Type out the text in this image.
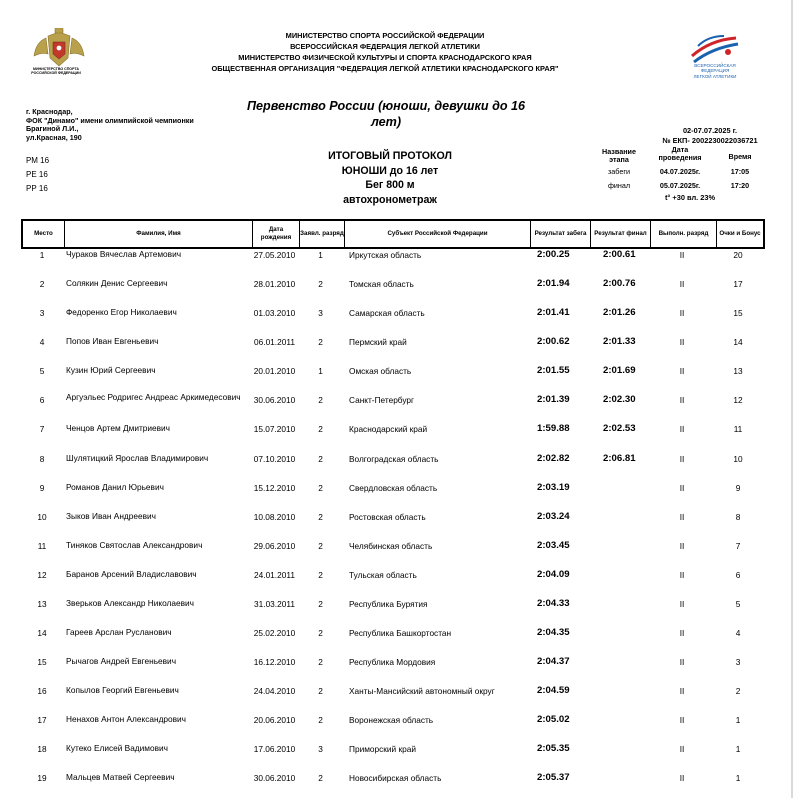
МИНИСТЕРСТВО СПОРТА РОССИЙСКОЙ ФЕДЕРАЦИИ
ВСЕРОССИЙСКАЯ ФЕДЕРАЦИЯ
ЛЕГКОЙ АТЛЕТИКИ
МИНИСТЕРСТВО СПОРТА РОССИЙСКОЙ ФЕДЕРАЦИИ
ВСЕРОССИЙСКАЯ ФЕДЕРАЦИЯ ЛЕГКОЙ АТЛЕТИКИ
МИНИСТЕРСТВО ФИЗИЧЕСКОЙ КУЛЬТУРЫ И СПОРТА КРАСНОДАРСКОГО КРАЯ
ОБЩЕСТВЕННАЯ ОРГАНИЗАЦИЯ "ФЕДЕРАЦИЯ ЛЕГКОЙ АТЛЕТИКИ КРАСНОДАРСКОГО КРАЯ"
г. Краснодар,
ФОК "Динамо" имени олимпийской чемпионки
Брагиной Л.И.,
ул.Красная, 190
Первенство России (юноши, девушки до 16 лет)
02-07.07.2025 г.
№ ЕКП- 2002230022036721
РМ 16
РЕ 16
РР 16
ИТОГОВЫЙ ПРОТОКОЛ
ЮНОШИ до 16 лет
Бег 800 м
автохронометраж
Название
этапа
Дата
проведения	Время
забеги	04.07.2025г.	17:05
финал	05.07.2025г.	17:20
t° +30 вл. 23%
Место	Фамилия, Имя
Дата рождения
Заявл. разряд	Субъект Российской Федерации	Результат забега	Результат финал	Выполн. разряд	Очки и Бонус
1	Чураков Вячеслав Артемович	27.05.2010	1	Иркутская область	2:00.25	2:00.61	II	20
2	Солякин Денис Сергеевич	28.01.2010	2	Томская область	2:01.94	2:00.76	II	17
3	Федоренко Егор Николаевич	01.03.2010	3	Самарская область	2:01.41	2:01.26	II	15
4	Попов Иван Евгеньевич	06.01.2011	2	Пермский край	2:00.62	2:01.33	II	14
5	Кузин Юрий Сергеевич	20.01.2010	1	Омская область	2:01.55	2:01.69	II	13
6	Аргуэльес Родригес Андреас Аркимедесович	30.06.2010	2	Санкт-Петербург	2:01.39	2:02.30	II	12
7	Ченцов Артем Дмитриевич	15.07.2010	2	Краснодарский край	1:59.88	2:02.53	II	11
8	Шулятицкий Ярослав Владимирович	07.10.2010	2	Волгоградская область	2:02.82	2:06.81	II	10
9	Романов Данил Юрьевич	15.12.2010	2	Свердловская область	2:03.19	II	9
10	Зыков Иван Андреевич	10.08.2010	2	Ростовская область	2:03.24	II	8
11	Тиняков Святослав Александрович	29.06.2010	2	Челябинская область	2:03.45	II	7
12	Баранов Арсений Владиславович	24.01.2011	2	Тульская область	2:04.09	II	6
13	Зверьков Александр Николаевич	31.03.2011	2	Республика Бурятия	2:04.33	II	5
14	Гареев Арслан Русланович	25.02.2010	2	Республика Башкортостан	2:04.35	II	4
15	Рычагов Андрей Евгеньевич	16.12.2010	2	Республика Мордовия	2:04.37	II	3
16	Копылов Георгий Евгеньевич	24.04.2010	2	Ханты-Мансийский автономный округ	2:04.59	II	2
17	Ненахов Антон Александрович	20.06.2010	2	Воронежская область	2:05.02	II	1
18	Кутеко Елисей Вадимович	17.06.2010	3	Приморский край	2:05.35	II	1
19	Мальцев Матвей Сергеевич	30.06.2010	2	Новосибирская область	2:05.37	II	1
